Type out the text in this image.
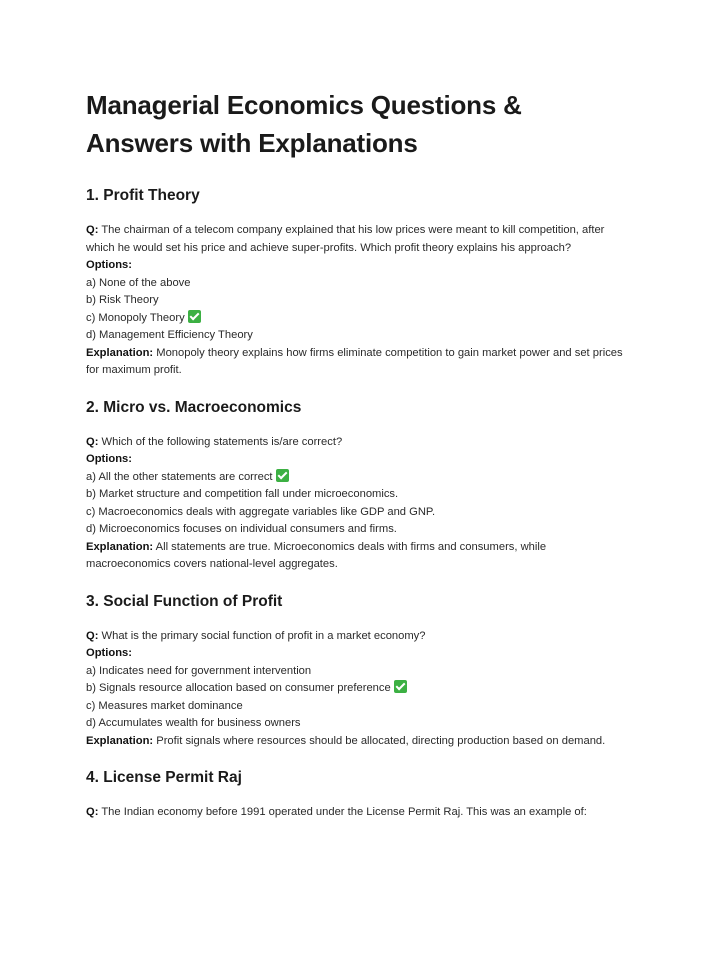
Managerial Economics Questions & Answers with Explanations
1. Profit Theory

Q: The chairman of a telecom company explained that his low prices were meant to kill competition, after which he would set his price and achieve super-profits. Which profit theory explains his approach?

Options:

a) None of the above

b) Risk Theory

c) Monopoly Theory

d) Management Efficiency Theory

Explanation: Monopoly theory explains how firms eliminate competition to gain market power and set prices for maximum profit.

2. Micro vs. Macroeconomics

Q: Which of the following statements is/are correct?

Options:

a) All the other statements are correct

b) Market structure and competition fall under microeconomics.

c) Macroeconomics deals with aggregate variables like GDP and GNP.

d) Microeconomics focuses on individual consumers and firms.

Explanation: All statements are true. Microeconomics deals with firms and consumers, while macroeconomics covers national-level aggregates.

3. Social Function of Profit

Q: What is the primary social function of profit in a market economy?

Options:

a) Indicates need for government intervention

b) Signals resource allocation based on consumer preference

c) Measures market dominance

d) Accumulates wealth for business owners

Explanation: Profit signals where resources should be allocated, directing production based on demand.

4. License Permit Raj

Q: The Indian economy before 1991 operated under the License Permit Raj. This was an example of:
